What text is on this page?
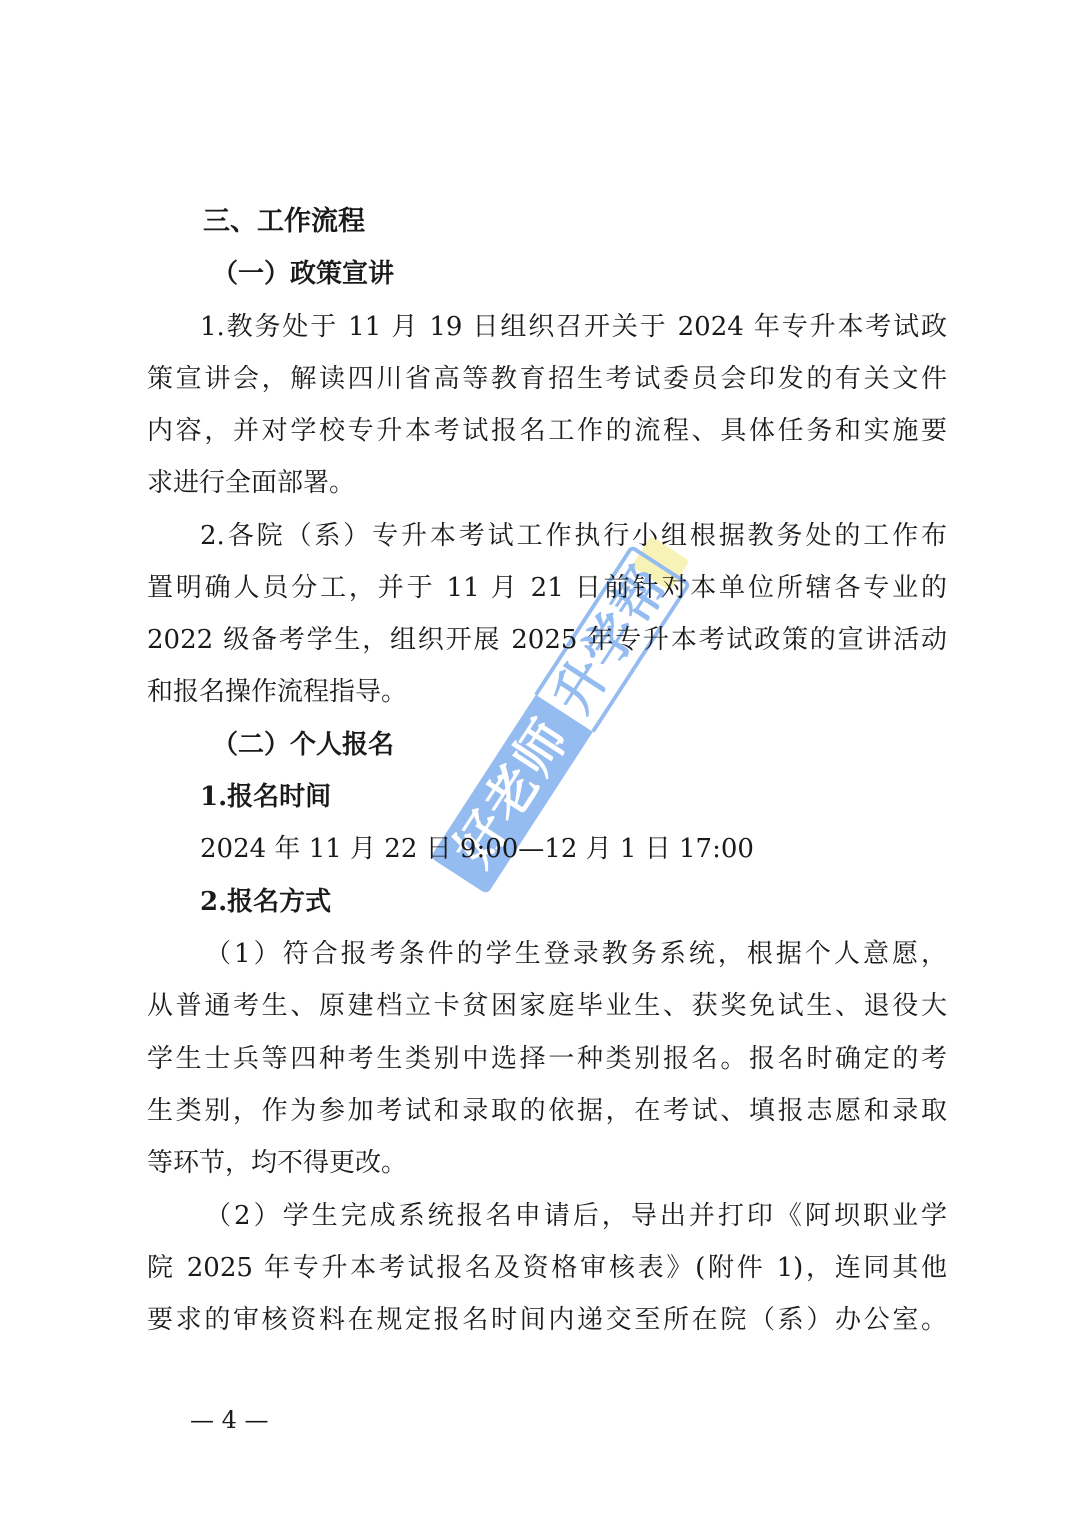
好老师
升学帮
三、工作流程
（一）政策宣讲
1.教务处于 11 月 19 日组织召开关于 2024 年专升本考试政
策宣讲会，解读四川省高等教育招生考试委员会印发的有关文件
内容，并对学校专升本考试报名工作的流程、具体任务和实施要
求进行全面部署。
2.各院（系）专升本考试工作执行小组根据教务处的工作布
置明确人员分工，并于 11 月 21 日前针对本单位所辖各专业的
2022 级备考学生，组织开展 2025 年专升本考试政策的宣讲活动
和报名操作流程指导。
（二）个人报名
1.报名时间
2024 年 11 月 22 日 9:00—12 月 1 日 17:00
2.报名方式
（1）符合报考条件的学生登录教务系统，根据个人意愿，
从普通考生、原建档立卡贫困家庭毕业生、获奖免试生、退役大
学生士兵等四种考生类别中选择一种类别报名。报名时确定的考
生类别，作为参加考试和录取的依据，在考试、填报志愿和录取
等环节，均不得更改。
（2）学生完成系统报名申请后，导出并打印《阿坝职业学
院 2025 年专升本考试报名及资格审核表》(附件 1)，连同其他
要求的审核资料在规定报名时间内递交至所在院（系）办公室。
— 4 —
